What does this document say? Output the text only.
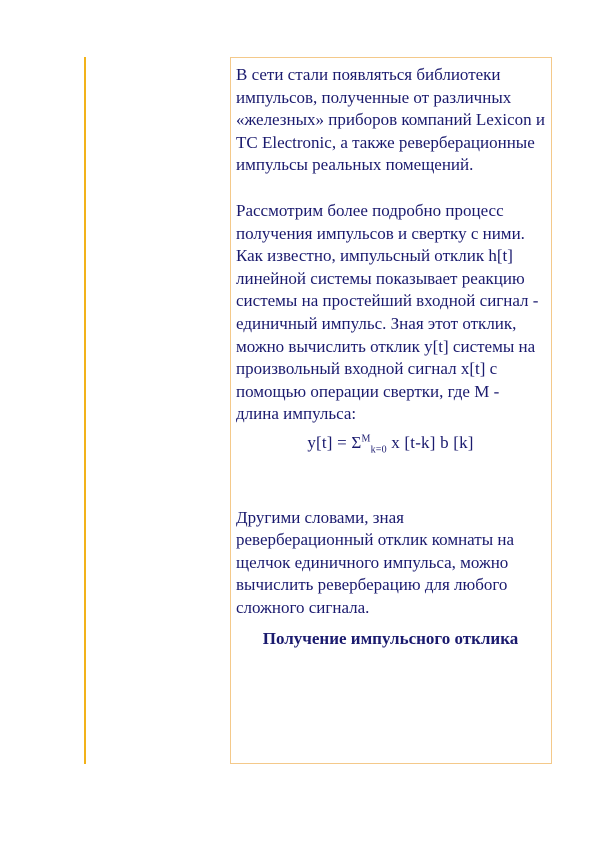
В сети стали появляться библиотеки импульсов, полученные от различных «железных» приборов компаний Lexicon и TC Electronic, а также реверберационные импульсы реальных помещений.

Рассмотрим более подробно процесс получения импульсов и свертку с ними. Как известно, импульсный отклик h[t] линейной системы показывает реакцию системы на простейший входной сигнал - единичный импульс. Зная этот отклик, можно вычислить отклик y[t] системы на произвольный входной сигнал x[t] с помощью операции свертки, где M - длина импульса:

$y[t] = \Sigma^M_{k=0}$ x [t-k] b [k]

Другими словами, зная реверберационный отклик комнаты на щелчок единичного импульса, можно вычислить реверберацию для любого сложного сигнала.

Получение импульсного отклика
